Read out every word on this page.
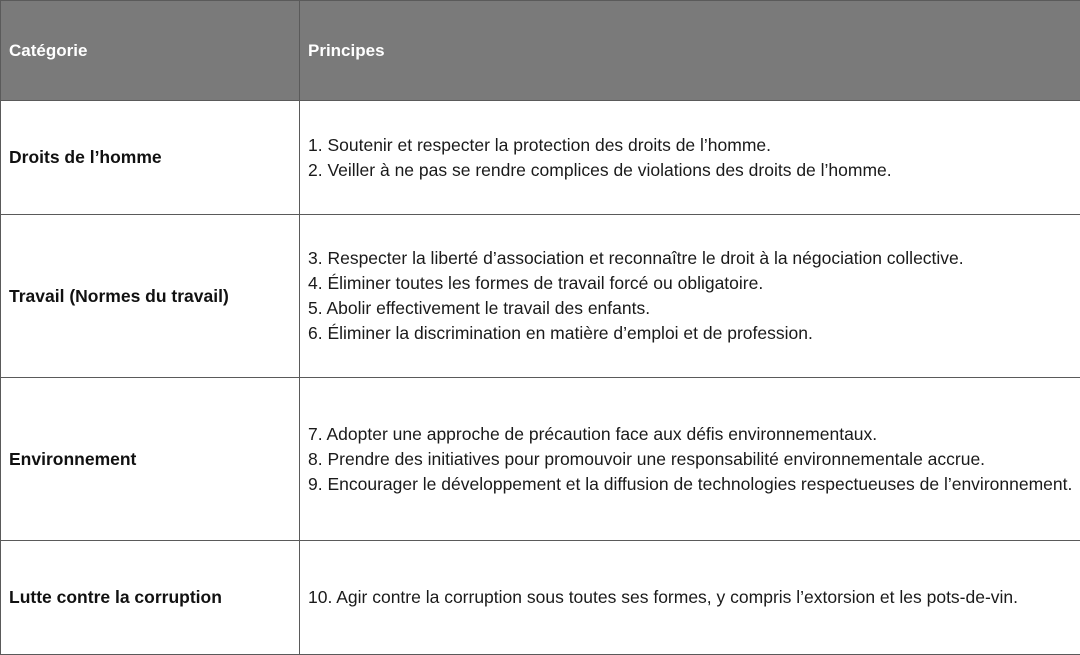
Catégorie	Principes
Droits de l’homme	1. Soutenir et respecter la protection des droits de l’homme.
2. Veiller à ne pas se rendre complices de violations des droits de l’homme.

Travail (Normes du travail)	3. Respecter la liberté d’association et reconnaître le droit à la négociation collective.
4. Éliminer toutes les formes de travail forcé ou obligatoire.
5. Abolir effectivement le travail des enfants.
6. Éliminer la discrimination en matière d’emploi et de profession.

Environnement	7. Adopter une approche de précaution face aux défis environnementaux.
8. Prendre des initiatives pour promouvoir une responsabilité environnementale accrue.
9. Encourager le développement et la diffusion de technologies respectueuses de l’environnement.

Lutte contre la corruption	10. Agir contre la corruption sous toutes ses formes, y compris l’extorsion et les pots-de-vin.
